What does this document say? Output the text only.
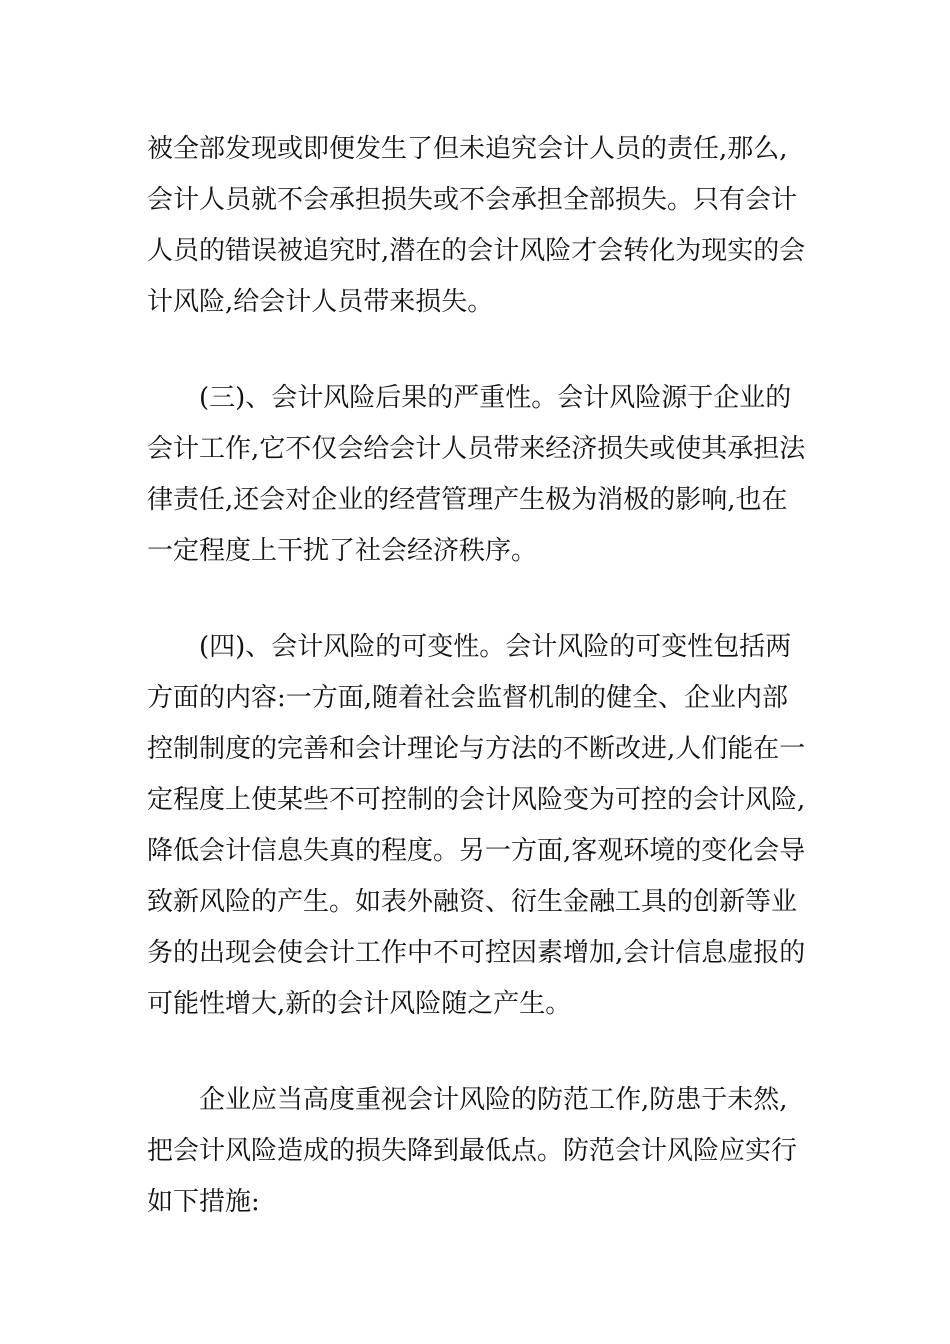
被全部发现或即便发生了但未追究会计人员的责任,那么,
会计人员就不会承担损失或不会承担全部损失。只有会计
人员的错误被追究时,潜在的会计风险才会转化为现实的会
计风险,给会计人员带来损失。
(三)、会计风险后果的严重性。会计风险源于企业的
会计工作,它不仅会给会计人员带来经济损失或使其承担法
律责任,还会对企业的经营管理产生极为消极的影响,也在
一定程度上干扰了社会经济秩序。
(四)、会计风险的可变性。会计风险的可变性包括两
方面的内容:一方面,随着社会监督机制的健全、企业内部
控制制度的完善和会计理论与方法的不断改进,人们能在一
定程度上使某些不可控制的会计风险变为可控的会计风险,
降低会计信息失真的程度。另一方面,客观环境的变化会导
致新风险的产生。如表外融资、衍生金融工具的创新等业
务的出现会使会计工作中不可控因素增加,会计信息虚报的
可能性增大,新的会计风险随之产生。
企业应当高度重视会计风险的防范工作,防患于未然,
把会计风险造成的损失降到最低点。防范会计风险应实行
如下措施:
